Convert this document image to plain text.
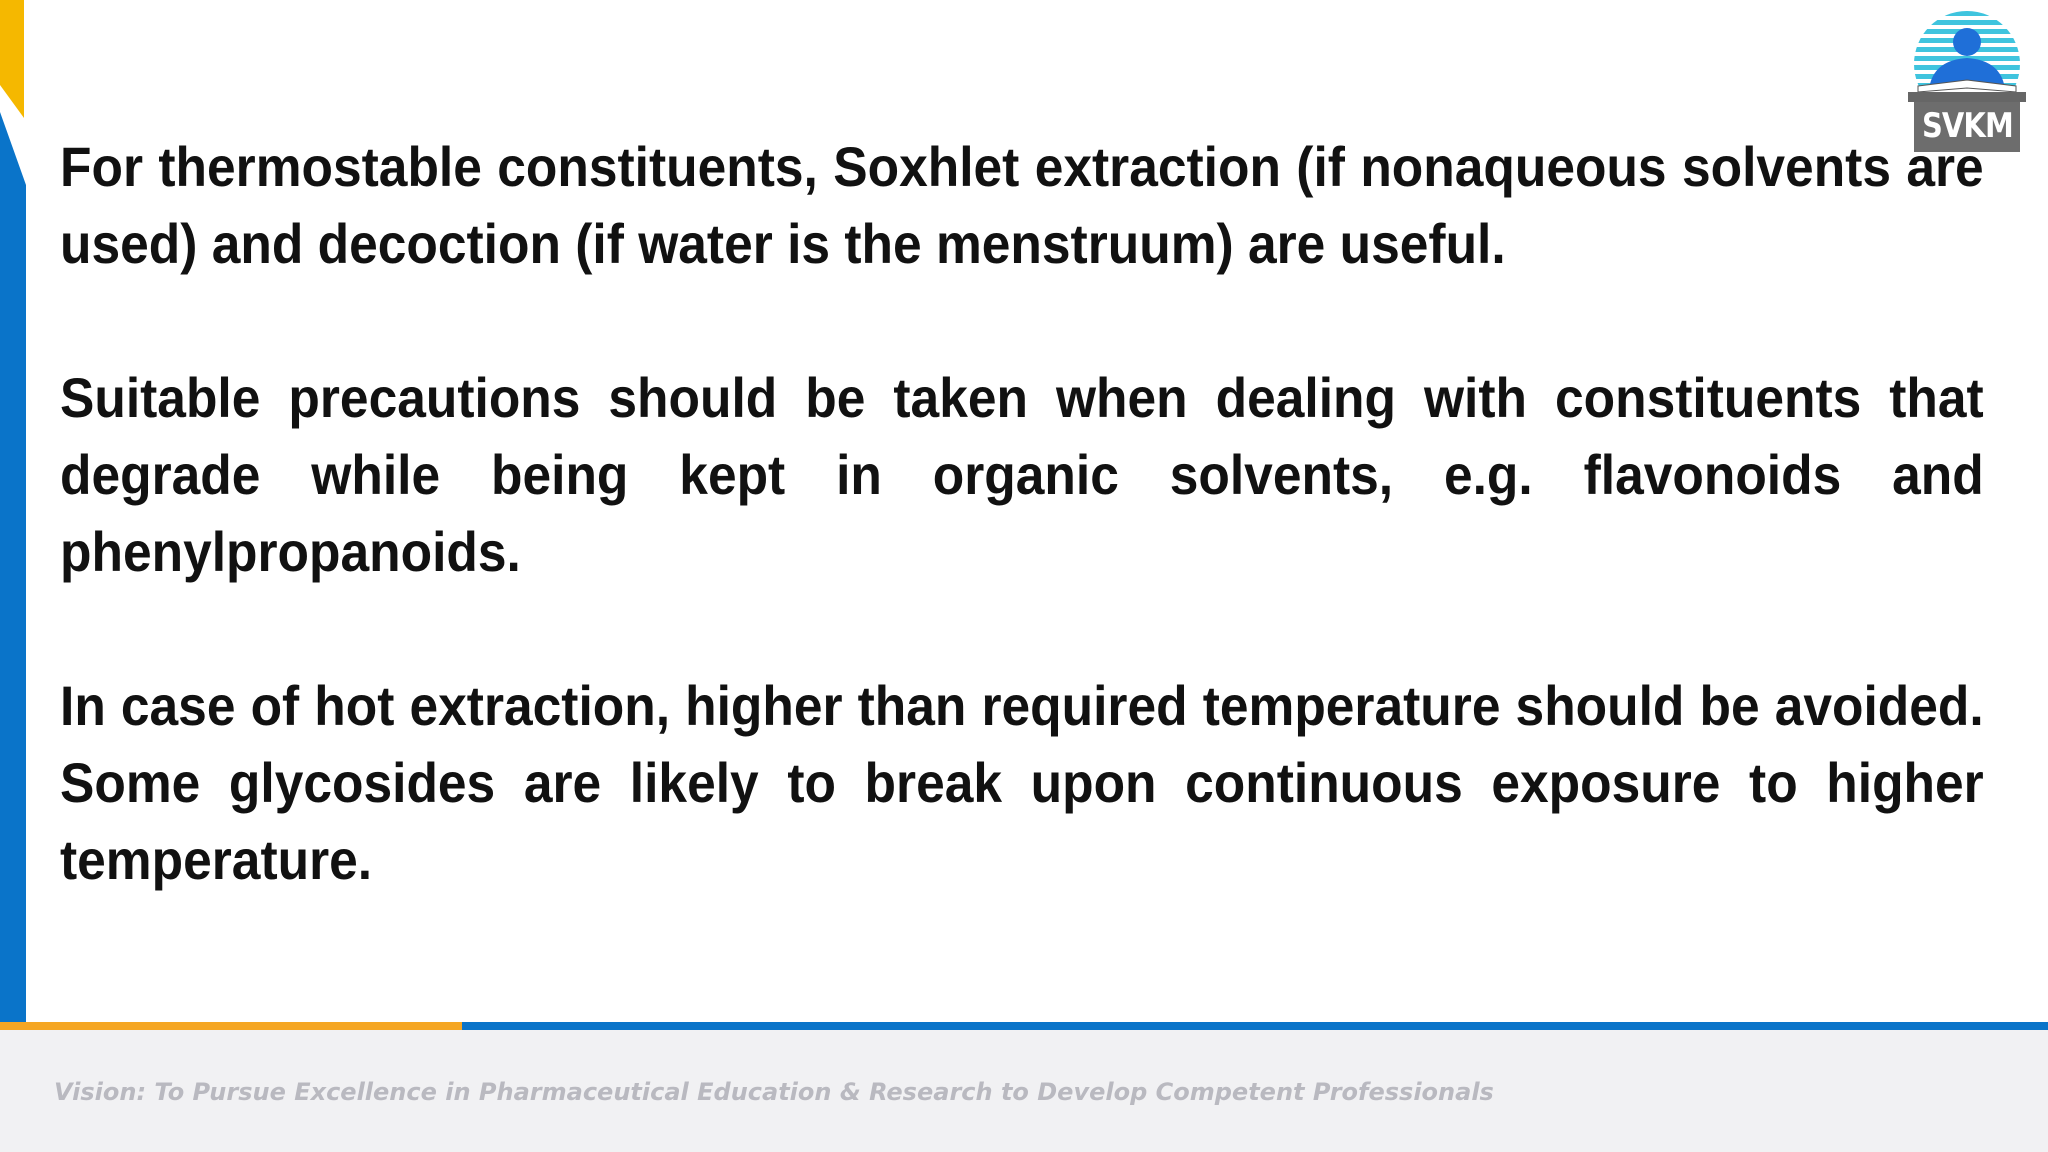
SVKM

For thermostable constituents, Soxhlet extraction (if nonaqueous solvents are used) and decoction (if water is the menstruum) are useful.

Suitable precautions should be taken when dealing with constituents that degrade while being kept in organic solvents, e.g. flavonoids and phenylpropanoids.

In case of hot extraction, higher than required temperature should be avoided. Some glycosides are likely to break upon continuous exposure to higher temperature.

Vision: To Pursue Excellence in Pharmaceutical Education & Research to Develop Competent Professionals
